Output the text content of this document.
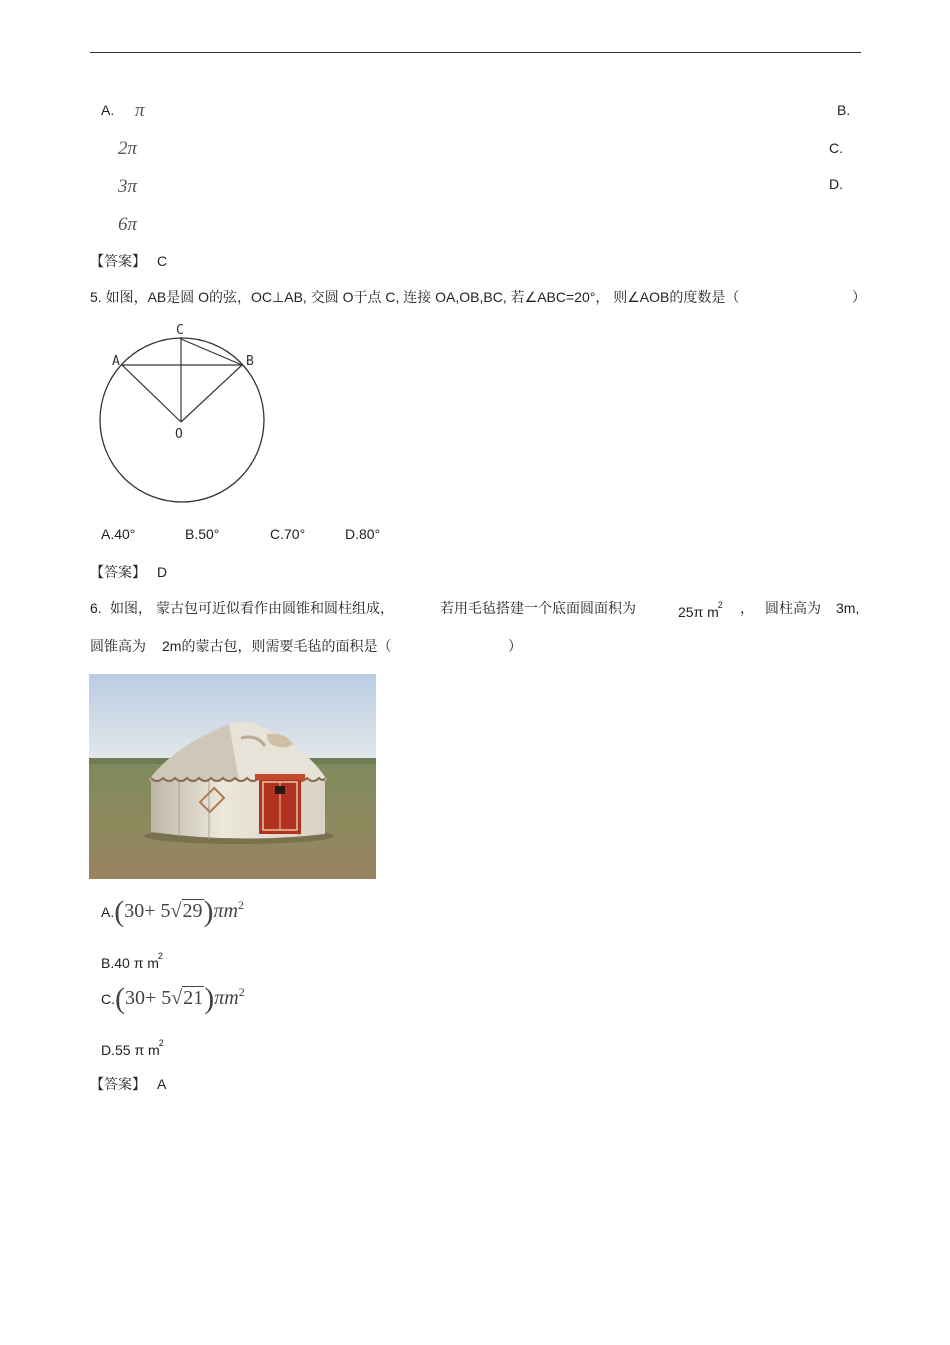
A. π	B.
2π	C.
3π	D.
6π
【答案】 C
5. 如图，AB是圆 O的弦，OC⊥AB, 交圆 O于点 C, 连接 OA,OB,BC, 若∠ABC=20°， 则∠AOB的度数是（	）
A	B
C
O
A.40°	B.50°	C.70°	D.80°
【答案】 D
6. 如图， 蒙古包可近似看作由圆锥和圆柱组成，	若用毛毡搭建一个底面圆面积为	25π $m^2$ ， 圆柱高为 3m,
圆锥高为 2m的蒙古包，则需要毛毡的面积是（	）
$A.(30+ 5√29)\pi m^2$
B.40 π $m^2$
$C.(30+ 5√21)\pi m^2$
D.55 π $m^2$
【答案】 A
